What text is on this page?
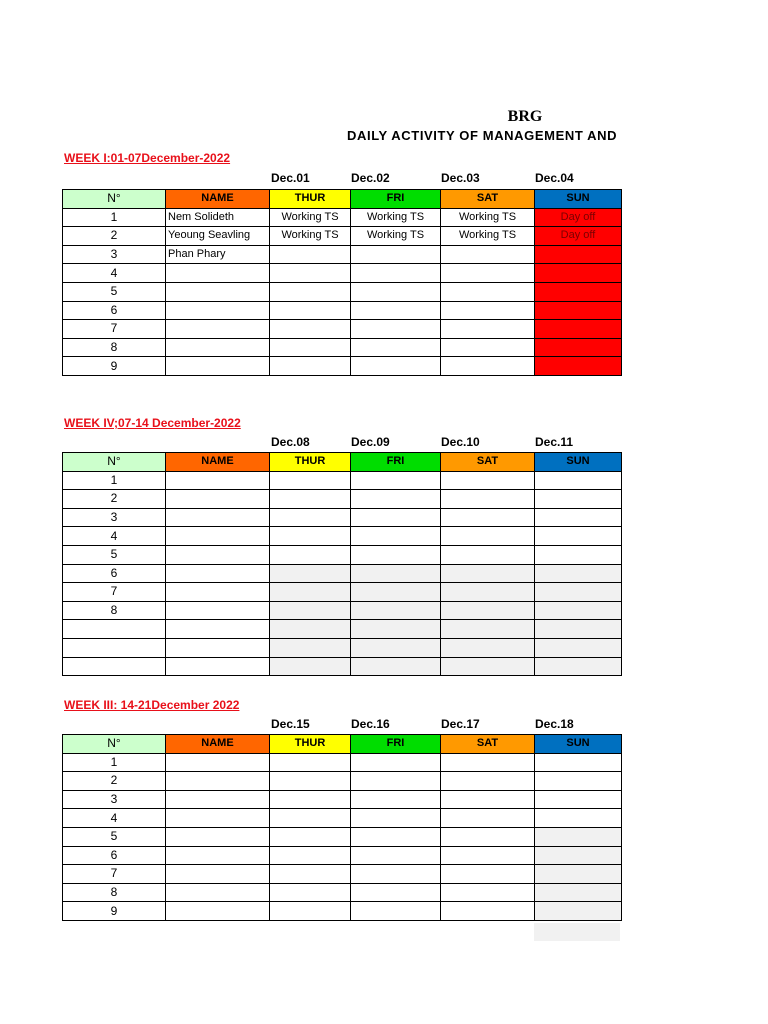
BRG
DAILY ACTIVITY OF MANAGEMENT AND
WEEK I:01-07December-2022
Dec.01	Dec.02	Dec.03	Dec.04
N°	NAME	THUR	FRI	SAT	SUN
1	Nem Solideth	Working TS	Working TS	Working TS	Day off
2	Yeoung Seavling	Working TS	Working TS	Working TS	Day off
3	Phan Phary				
4					
5					
6					
7					
8					
9					
WEEK IV;07-14 December-2022
Dec.08	Dec.09	Dec.10	Dec.11
N°	NAME	THUR	FRI	SAT	SUN
1					
2					
3					
4					
5					
6					
7					
8					

WEEK III: 14-21December 2022
Dec.15	Dec.16	Dec.17	Dec.18
N°	NAME	THUR	FRI	SAT	SUN
1					
2					
3					
4					
5					
6					
7					
8					
9					
